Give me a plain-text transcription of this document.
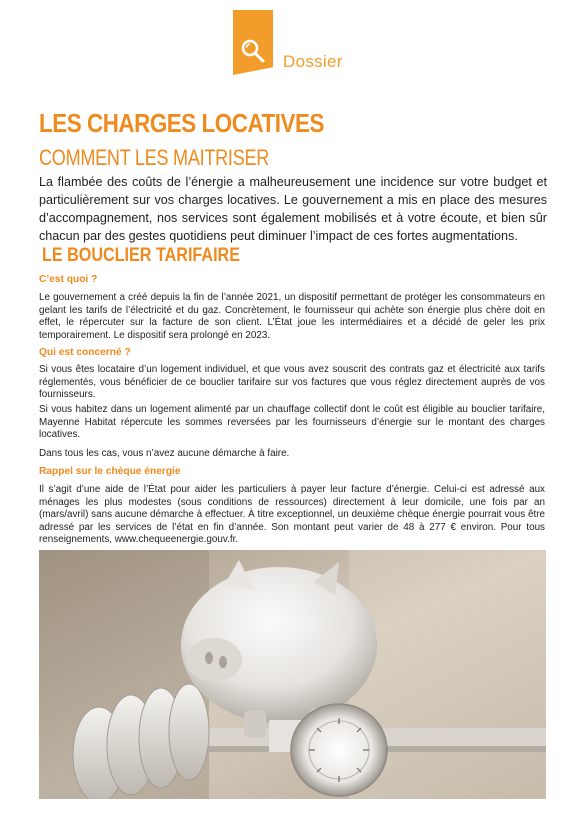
Dossier
LES CHARGES LOCATIVES
COMMENT LES MAITRISER

La flambée des coûts de l’énergie a malheureusement une incidence sur votre budget et particulièrement sur vos charges locatives. Le gouvernement a mis en place des mesures d’accompagnement, nos services sont également mobilisés et à votre écoute, et bien sûr chacun par des gestes quotidiens peut diminuer l’impact de ces fortes augmentations.

LE BOUCLIER TARIFAIRE

C’est quoi ?

Le gouvernement a créé depuis la fin de l’année 2021, un dispositif permettant de protéger les consommateurs en gelant les tarifs de l’électricité et du gaz. Concrètement, le fournisseur qui achète son énergie plus chère doit en effet, le répercuter sur la facture de son client. L’État joue les intermédiaires et a décidé de geler les prix temporairement. Le dispositif sera prolongé en 2023.

Qui est concerné ?

Si vous êtes locataire d’un logement individuel, et que vous avez souscrit des contrats gaz et électricité aux tarifs réglementés, vous bénéficier de ce bouclier tarifaire sur vos factures que vous réglez directement auprès de vos fournisseurs.

Si vous habitez dans un logement alimenté par un chauffage collectif dont le coût est éligible au bouclier tarifaire, Mayenne Habitat répercute les sommes reversées par les fournisseurs d’énergie sur le montant des charges locatives.

Dans tous les cas, vous n’avez aucune démarche à faire.

Rappel sur le chèque énergie

Il s’agit d’une aide de l’État pour aider les particuliers à payer leur facture d’énergie. Celui-ci est adressé aux ménages les plus modestes (sous conditions de ressources) directement à leur domicile, une fois par an (mars/avril) sans aucune démarche à effectuer. À titre exceptionnel, un deuxième chèque énergie pourrait vous être adressé par les services de l’état en fin d’année. Son montant peut varier de 48 à 277 € environ. Pour tous renseignements, www.chequeenergie.gouv.fr.
